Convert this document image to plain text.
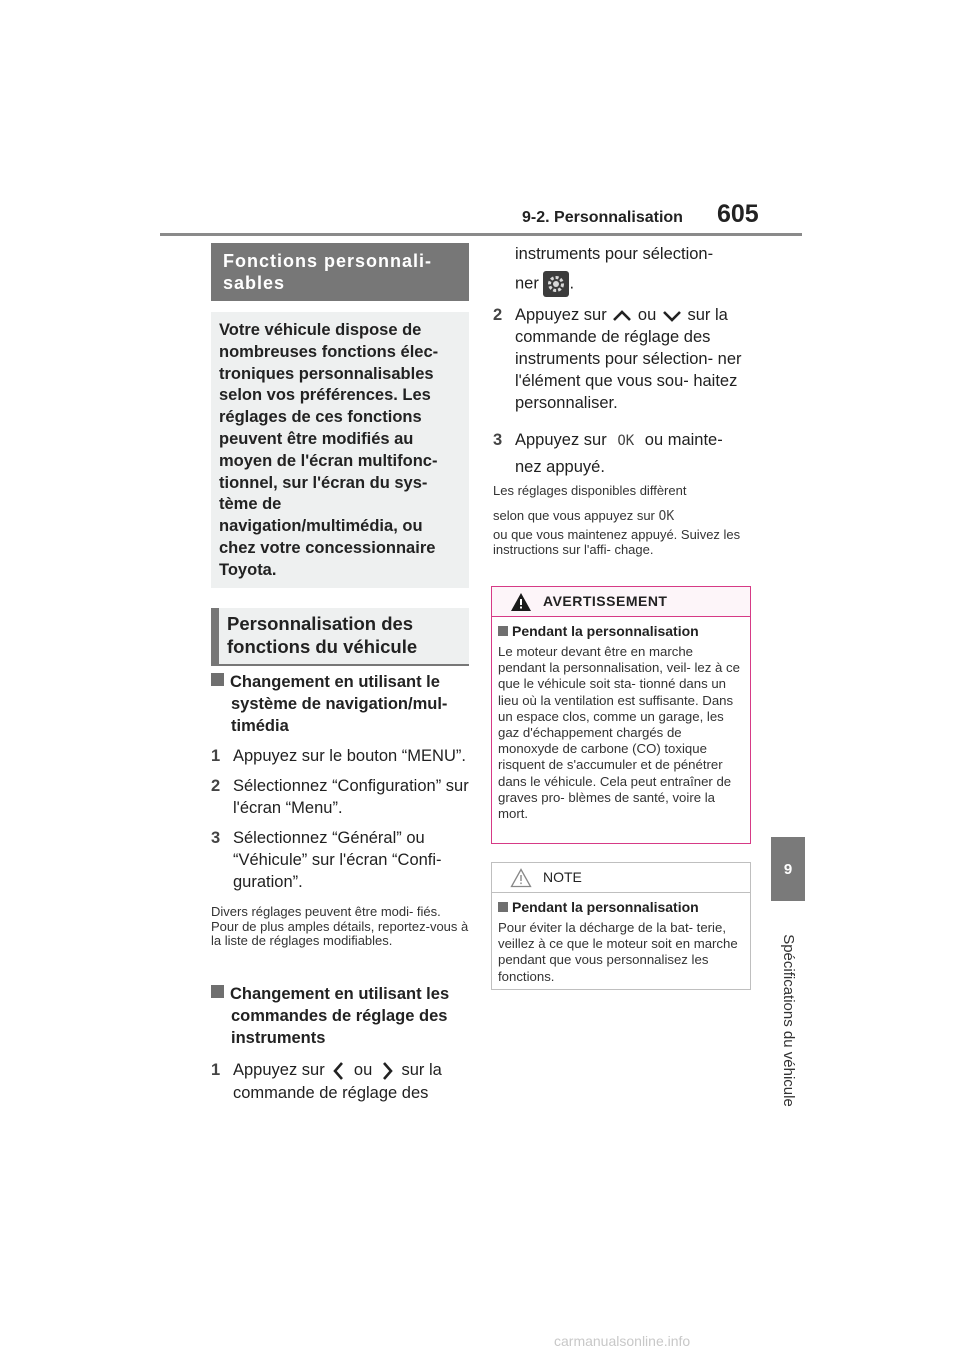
9-2. Personnalisation 605
9
Spécifications du véhicule
Fonctions personnali- sables
Votre véhicule dispose de nombreuses fonctions élec- troniques personnalisables selon vos préférences. Les réglages de ces fonctions peuvent être modifiés au moyen de l'écran multifonc- tionnel, sur l'écran du sys- tème de navigation/multimédia, ou chez votre concessionnaire Toyota.
Personnalisation des fonctions du véhicule
Changement en utilisant le système de navigation/mul- timédia
1 Appuyez sur le bouton “MENU”.
2 Sélectionnez “Configuration” sur l'écran “Menu”.
3 Sélectionnez “Général” ou “Véhicule” sur l'écran “Confi- guration”.
Divers réglages peuvent être modi- fiés. Pour de plus amples détails, reportez-vous à la liste de réglages modifiables.
Changement en utilisant les commandes de réglage des instruments
1 Appuyez sur ou sur la
commande de réglage des
instruments pour sélection-
ner .
2 Appuyez sur ou sur la
commande de réglage des instruments pour sélection- ner l'élément que vous sou- haitez personnaliser.
3 Appuyez sur OK ou mainte-
nez appuyé.
Les réglages disponibles diffèrent
selon que vous appuyez sur OK
ou que vous maintenez appuyé. Suivez les instructions sur l'affi- chage.
AVERTISSEMENT
Pendant la personnalisation
Le moteur devant être en marche pendant la personnalisation, veil- lez à ce que le véhicule soit sta- tionné dans un lieu où la ventilation est suffisante. Dans un espace clos, comme un garage, les gaz d'échappement chargés de monoxyde de carbone (CO) toxique risquent de s'accumuler et de pénétrer dans le véhicule. Cela peut entraîner de graves pro- blèmes de santé, voire la mort.
NOTE
Pendant la personnalisation
Pour éviter la décharge de la bat- terie, veillez à ce que le moteur soit en marche pendant que vous personnalisez les fonctions.
carmanualsonline.info
